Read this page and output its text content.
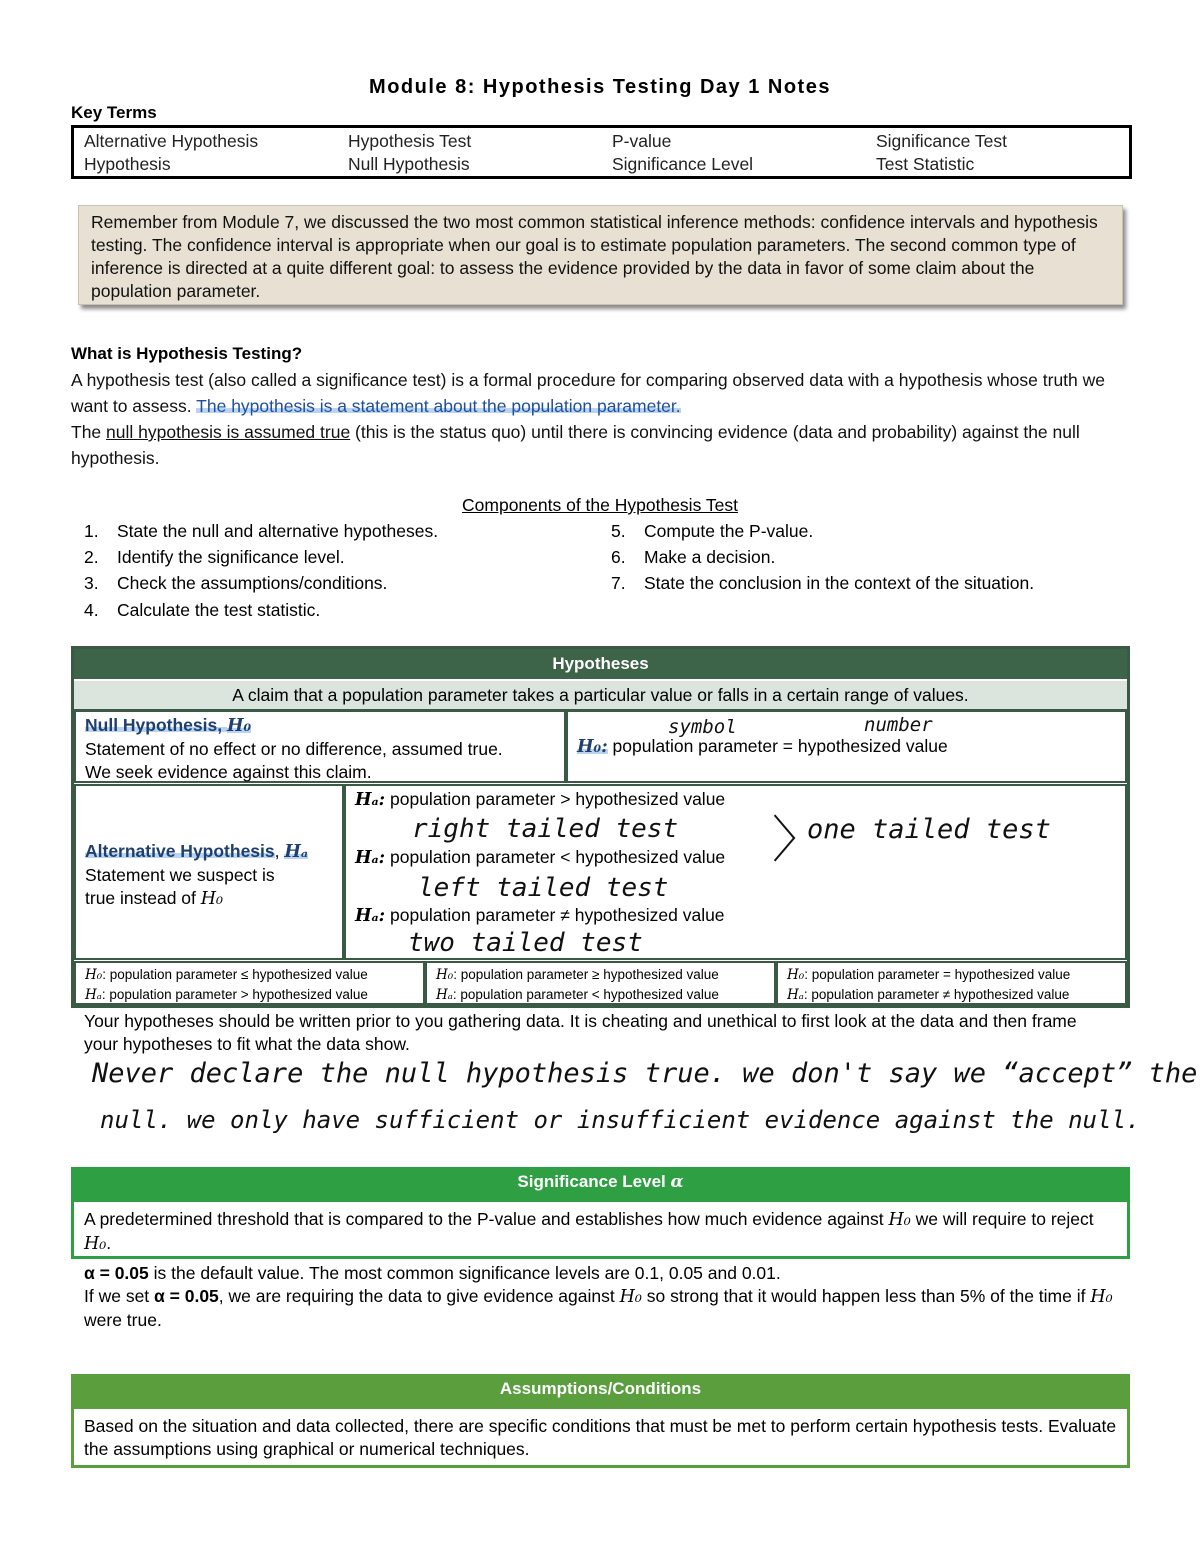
Module 8: Hypothesis Testing Day 1 Notes
Key Terms
Alternative Hypothesis	Hypothesis Test	P-value	Significance Test
Hypothesis	Null Hypothesis	Significance Level	Test Statistic
Remember from Module 7, we discussed the two most common statistical inference methods: confidence intervals and hypothesis testing. The confidence interval is appropriate when our goal is to estimate population parameters. The second common type of inference is directed at a quite different goal: to assess the evidence provided by the data in favor of some claim about the population parameter.
What is Hypothesis Testing?
A hypothesis test (also called a significance test) is a formal procedure for comparing observed data with a hypothesis whose truth we want to assess. The hypothesis is a statement about the population parameter.
The null hypothesis is assumed true (this is the status quo) until there is convincing evidence (data and probability) against the null hypothesis.
Components of the Hypothesis Test
1. State the null and alternative hypotheses.
2. Identify the significance level.
3. Check the assumptions/conditions.
4. Calculate the test statistic.
5. Compute the P-value.
6. Make a decision.
7. State the conclusion in the context of the situation.
Hypotheses
A claim that a population parameter takes a particular value or falls in a certain range of values.
Null Hypothesis, H₀
Statement of no effect or no difference, assumed true.
We seek evidence against this claim.
H₀: population parameter = hypothesized value
symbol	number
Alternative Hypothesis, Hₐ
Statement we suspect is
true instead of H₀
Hₐ: population parameter > hypothesized value
right tailed test
Hₐ: population parameter < hypothesized value
left tailed test
Hₐ: population parameter ≠ hypothesized value
two tailed test
〉
one tailed test
H₀: population parameter ≤ hypothesized value
Hₐ: population parameter > hypothesized value
H₀: population parameter ≥ hypothesized value
Hₐ: population parameter < hypothesized value
H₀: population parameter = hypothesized value
Hₐ: population parameter ≠ hypothesized value
Your hypotheses should be written prior to you gathering data. It is cheating and unethical to first look at the data and then frame your hypotheses to fit what the data show.
Never declare the null hypothesis true. we don't say we “accept” the
null. we only have sufficient or insufficient evidence against the null.
Significance Level α
A predetermined threshold that is compared to the P-value and establishes how much evidence against H₀ we will require to reject H₀.
α = 0.05 is the default value. The most common significance levels are 0.1, 0.05 and 0.01.
If we set α = 0.05, we are requiring the data to give evidence against H₀ so strong that it would happen less than 5% of the time if H₀ were true.
Assumptions/Conditions
Based on the situation and data collected, there are specific conditions that must be met to perform certain hypothesis tests. Evaluate the assumptions using graphical or numerical techniques.
